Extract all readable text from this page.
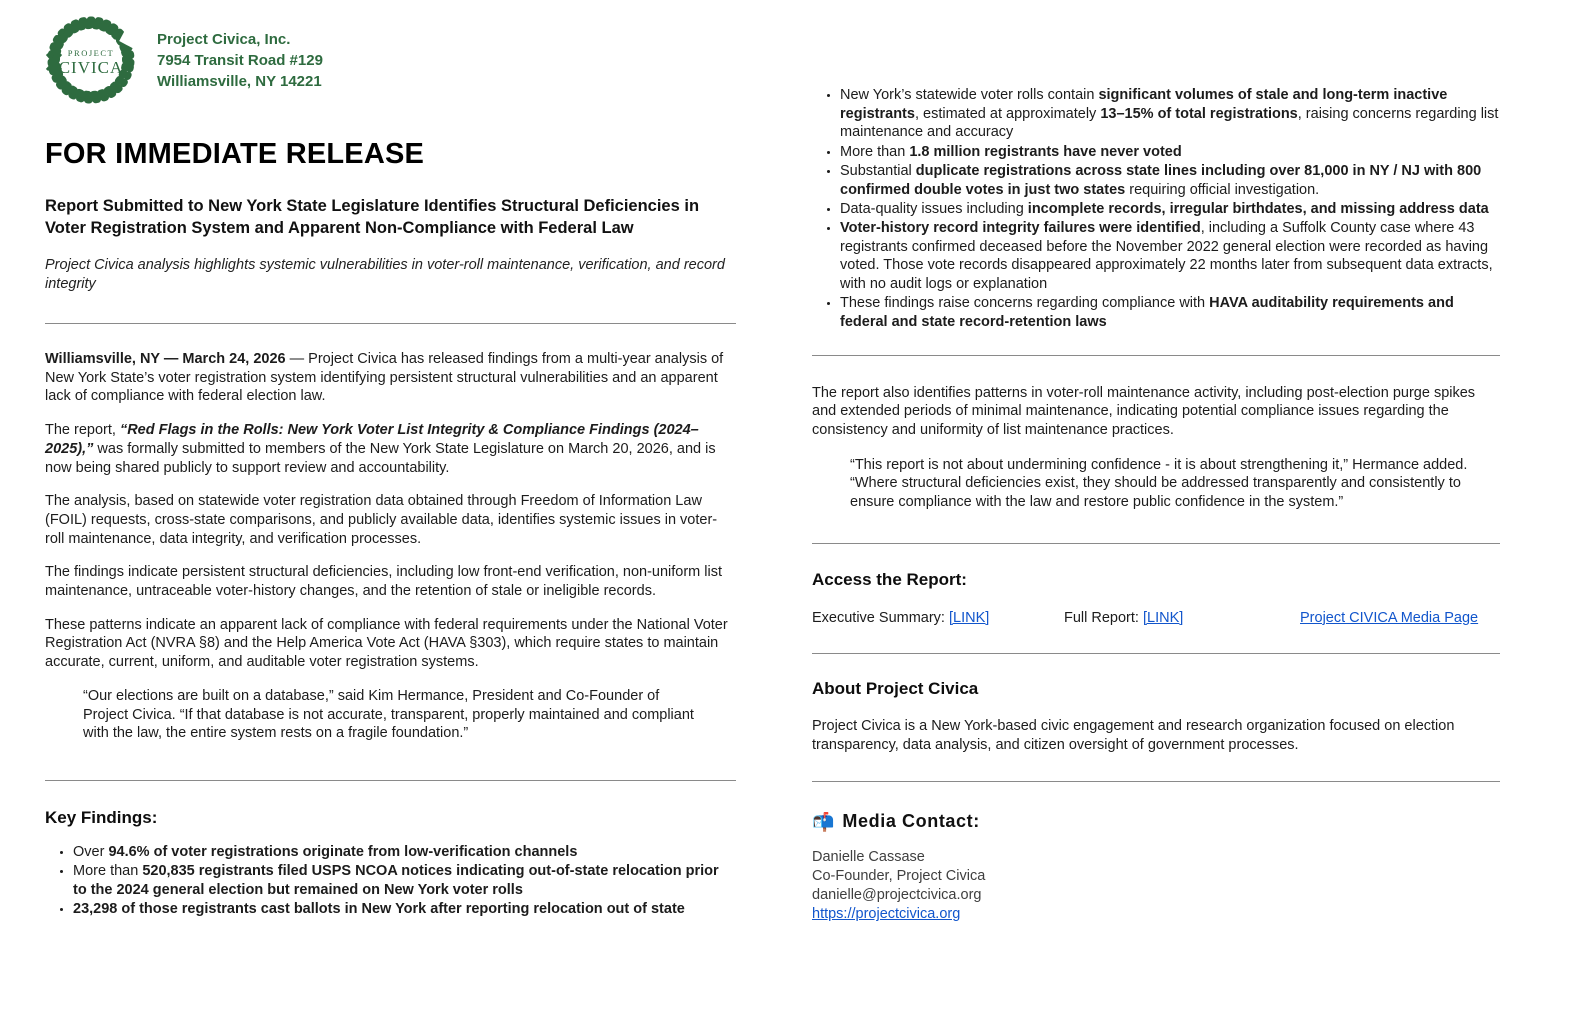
PROJECT
CIVICA
Project Civica, Inc.
7954 Transit Road #129
Williamsville, NY 14221
FOR IMMEDIATE RELEASE
Report Submitted to New York State Legislature Identifies Structural Deficiencies in Voter Registration System and Apparent Non-Compliance with Federal Law
Project Civica analysis highlights systemic vulnerabilities in voter-roll maintenance, verification, and record integrity

Williamsville, NY — March 24, 2026 — Project Civica has released findings from a multi-year analysis of New York State’s voter registration system identifying persistent structural vulnerabilities and an apparent lack of compliance with federal election law.

The report, “Red Flags in the Rolls: New York Voter List Integrity & Compliance Findings (2024–2025),” was formally submitted to members of the New York State Legislature on March 20, 2026, and is now being shared publicly to support review and accountability.

The analysis, based on statewide voter registration data obtained through Freedom of Information Law (FOIL) requests, cross-state comparisons, and publicly available data, identifies systemic issues in voter-roll maintenance, data integrity, and verification processes.

The findings indicate persistent structural deficiencies, including low front-end verification, non-uniform list maintenance, untraceable voter-history changes, and the retention of stale or ineligible records.

These patterns indicate an apparent lack of compliance with federal requirements under the National Voter Registration Act (NVRA §8) and the Help America Vote Act (HAVA §303), which require states to maintain accurate, current, uniform, and auditable voter registration systems.

“Our elections are built on a database,” said Kim Hermance, President and Co-Founder of Project Civica. “If that database is not accurate, transparent, properly maintained and compliant with the law, the entire system rests on a fragile foundation.”

Key Findings:
• Over 94.6% of voter registrations originate from low-verification channels
• More than 520,835 registrants filed USPS NCOA notices indicating out-of-state relocation prior to the 2024 general election but remained on New York voter rolls
• 23,298 of those registrants cast ballots in New York after reporting relocation out of state
• New York’s statewide voter rolls contain significant volumes of stale and long-term inactive registrants, estimated at approximately 13–15% of total registrations, raising concerns regarding list maintenance and accuracy
• More than 1.8 million registrants have never voted
• Substantial duplicate registrations across state lines including over 81,000 in NY / NJ with 800 confirmed double votes in just two states requiring official investigation.
• Data-quality issues including incomplete records, irregular birthdates, and missing address data
• Voter-history record integrity failures were identified, including a Suffolk County case where 43 registrants confirmed deceased before the November 2022 general election were recorded as having voted. Those vote records disappeared approximately 22 months later from subsequent data extracts, with no audit logs or explanation
• These findings raise concerns regarding compliance with HAVA auditability requirements and federal and state record-retention laws

The report also identifies patterns in voter-roll maintenance activity, including post-election purge spikes and extended periods of minimal maintenance, indicating potential compliance issues regarding the consistency and uniformity of list maintenance practices.

“This report is not about undermining confidence - it is about strengthening it,” Hermance added. “Where structural deficiencies exist, they should be addressed transparently and consistently to ensure compliance with the law and restore public confidence in the system.”

Access the Report:
Executive Summary: [LINK]	Full Report: [LINK]	Project CIVICA Media Page
About Project Civica

Project Civica is a New York-based civic engagement and research organization focused on election transparency, data analysis, and citizen oversight of government processes.

📬 Media Contact:
Danielle Cassase
Co-Founder, Project Civica
danielle@projectcivica.org
https://projectcivica.org
